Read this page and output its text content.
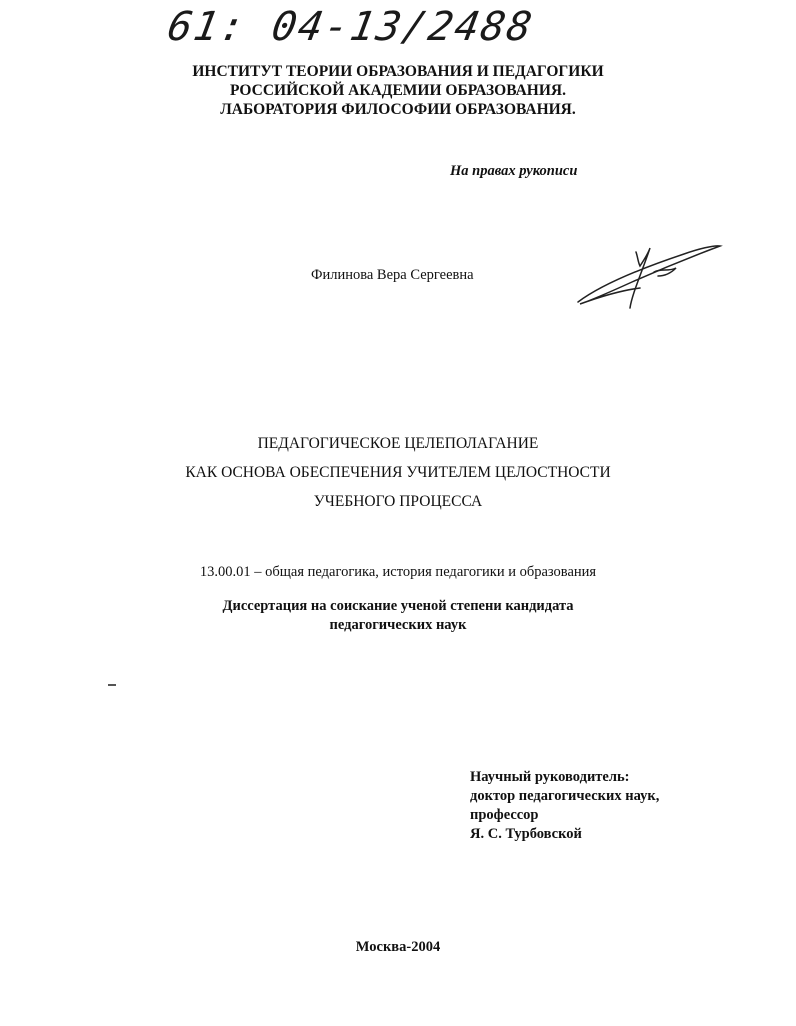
61: 04-13/2488
ИНСТИТУТ ТЕОРИИ ОБРАЗОВАНИЯ И ПЕДАГОГИКИ
РОССИЙСКОЙ АКАДЕМИИ ОБРАЗОВАНИЯ.
ЛАБОРАТОРИЯ ФИЛОСОФИИ ОБРАЗОВАНИЯ.
На правах рукописи
Филинова Вера Сергеевна
ПЕДАГОГИЧЕСКОЕ ЦЕЛЕПОЛАГАНИЕ
КАК ОСНОВА ОБЕСПЕЧЕНИЯ УЧИТЕЛЕМ ЦЕЛОСТНОСТИ
УЧЕБНОГО ПРОЦЕССА
13.00.01 – общая педагогика, история педагогики и образования
Диссертация на соискание ученой степени кандидата
педагогических наук
Научный руководитель:
доктор педагогических наук,
профессор
Я. С. Турбовской
Москва-2004
